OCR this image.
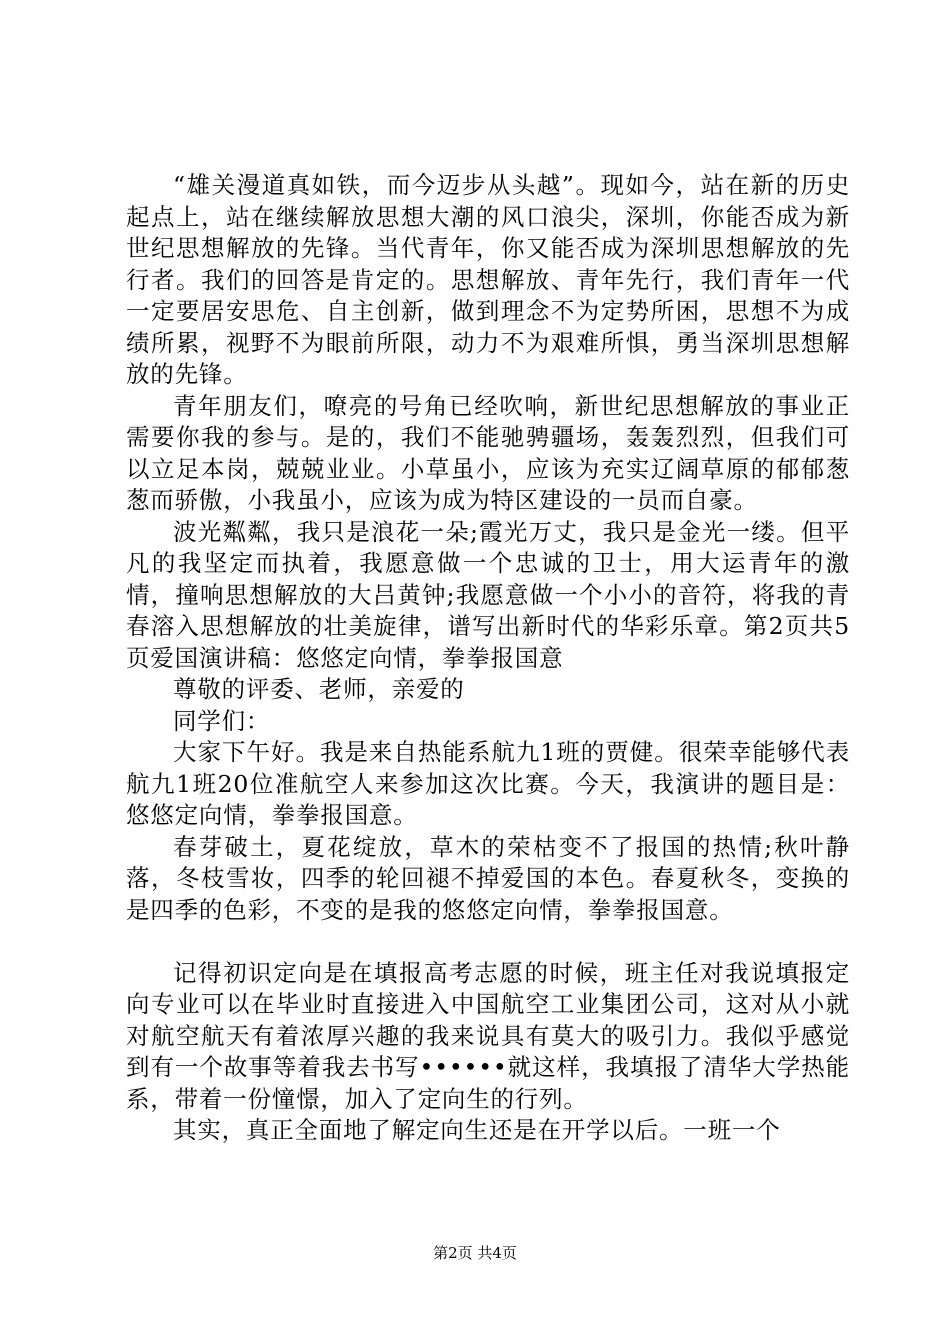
“雄关漫道真如铁，而今迈步从头越”。现如今，站在新的历史起点上，站在继续解放思想大潮的风口浪尖，深圳，你能否成为新世纪思想解放的先锋。当代青年，你又能否成为深圳思想解放的先行者。我们的回答是肯定的。思想解放、青年先行，我们青年一代一定要居安思危、自主创新，做到理念不为定势所困，思想不为成绩所累，视野不为眼前所限，动力不为艰难所惧，勇当深圳思想解放的先锋。

青年朋友们，嘹亮的号角已经吹响，新世纪思想解放的事业正需要你我的参与。是的，我们不能驰骋疆场，轰轰烈烈，但我们可以立足本岗，兢兢业业。小草虽小，应该为充实辽阔草原的郁郁葱葱而骄傲，小我虽小，应该为成为特区建设的一员而自豪。

波光粼粼，我只是浪花一朵;霞光万丈，我只是金光一缕。但平凡的我坚定而执着，我愿意做一个忠诚的卫士，用大运青年的激情，撞响思想解放的大吕黄钟;我愿意做一个小小的音符，将我的青春溶入思想解放的壮美旋律，谱写出新时代的华彩乐章。第2页共5页爱国演讲稿：悠悠定向情，拳拳报国意

尊敬的评委、老师，亲爱的

同学们：

大家下午好。我是来自热能系航九1班的贾健。很荣幸能够代表航九1班20位准航空人来参加这次比赛。今天，我演讲的题目是：悠悠定向情，拳拳报国意。

春芽破土，夏花绽放，草木的荣枯变不了报国的热情;秋叶静落，冬枝雪妆，四季的轮回褪不掉爱国的本色。春夏秋冬，变换的是四季的色彩，不变的是我的悠悠定向情，拳拳报国意。

记得初识定向是在填报高考志愿的时候，班主任对我说填报定向专业可以在毕业时直接进入中国航空工业集团公司，这对从小就对航空航天有着浓厚兴趣的我来说具有莫大的吸引力。我似乎感觉到有一个故事等着我去书写••••••就这样，我填报了清华大学热能系，带着一份憧憬，加入了定向生的行列。

其实，真正全面地了解定向生还是在开学以后。一班一个

第2页 共4页
